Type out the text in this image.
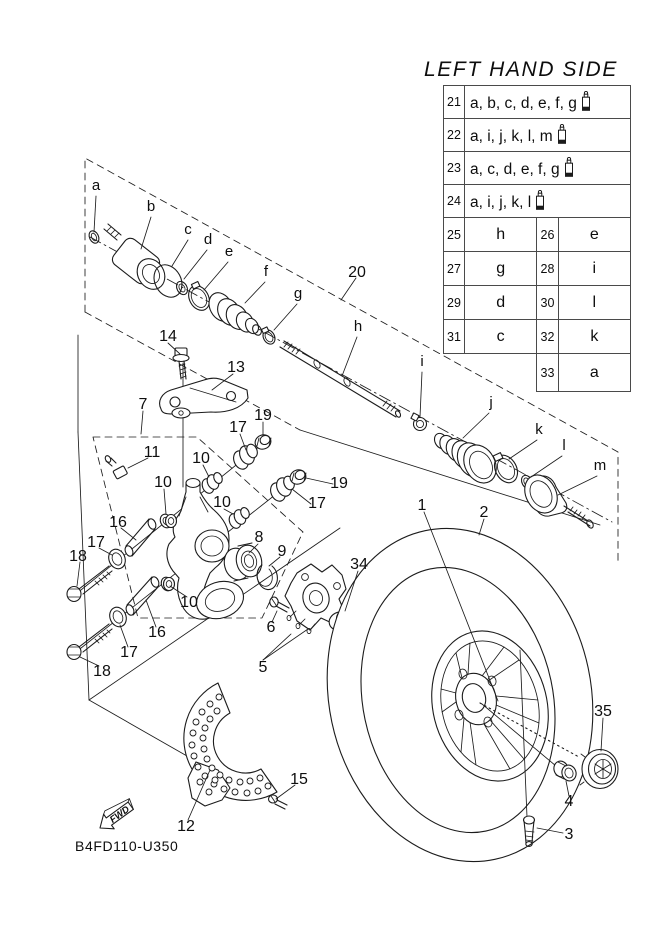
FWD
a
b
c
d
e
f
g
h
i
j
k
l
m
20
14
13
7
19
17
11 10
10	19
17
10
16
17
18
8
9
34
10
16
17
18
6
5
1	2
35
4
3
12
15
LEFT HAND SIDE
21	a, b, c, d, e, f, g		
22	a, i, j, k, l, m		
23	a, c, d, e, f, g		
24	a, i, j, k, l		
25	h	26	e
27	g	28	i
29	d	30	l
31	c	32	k
		33	a
B4FD110-U350
